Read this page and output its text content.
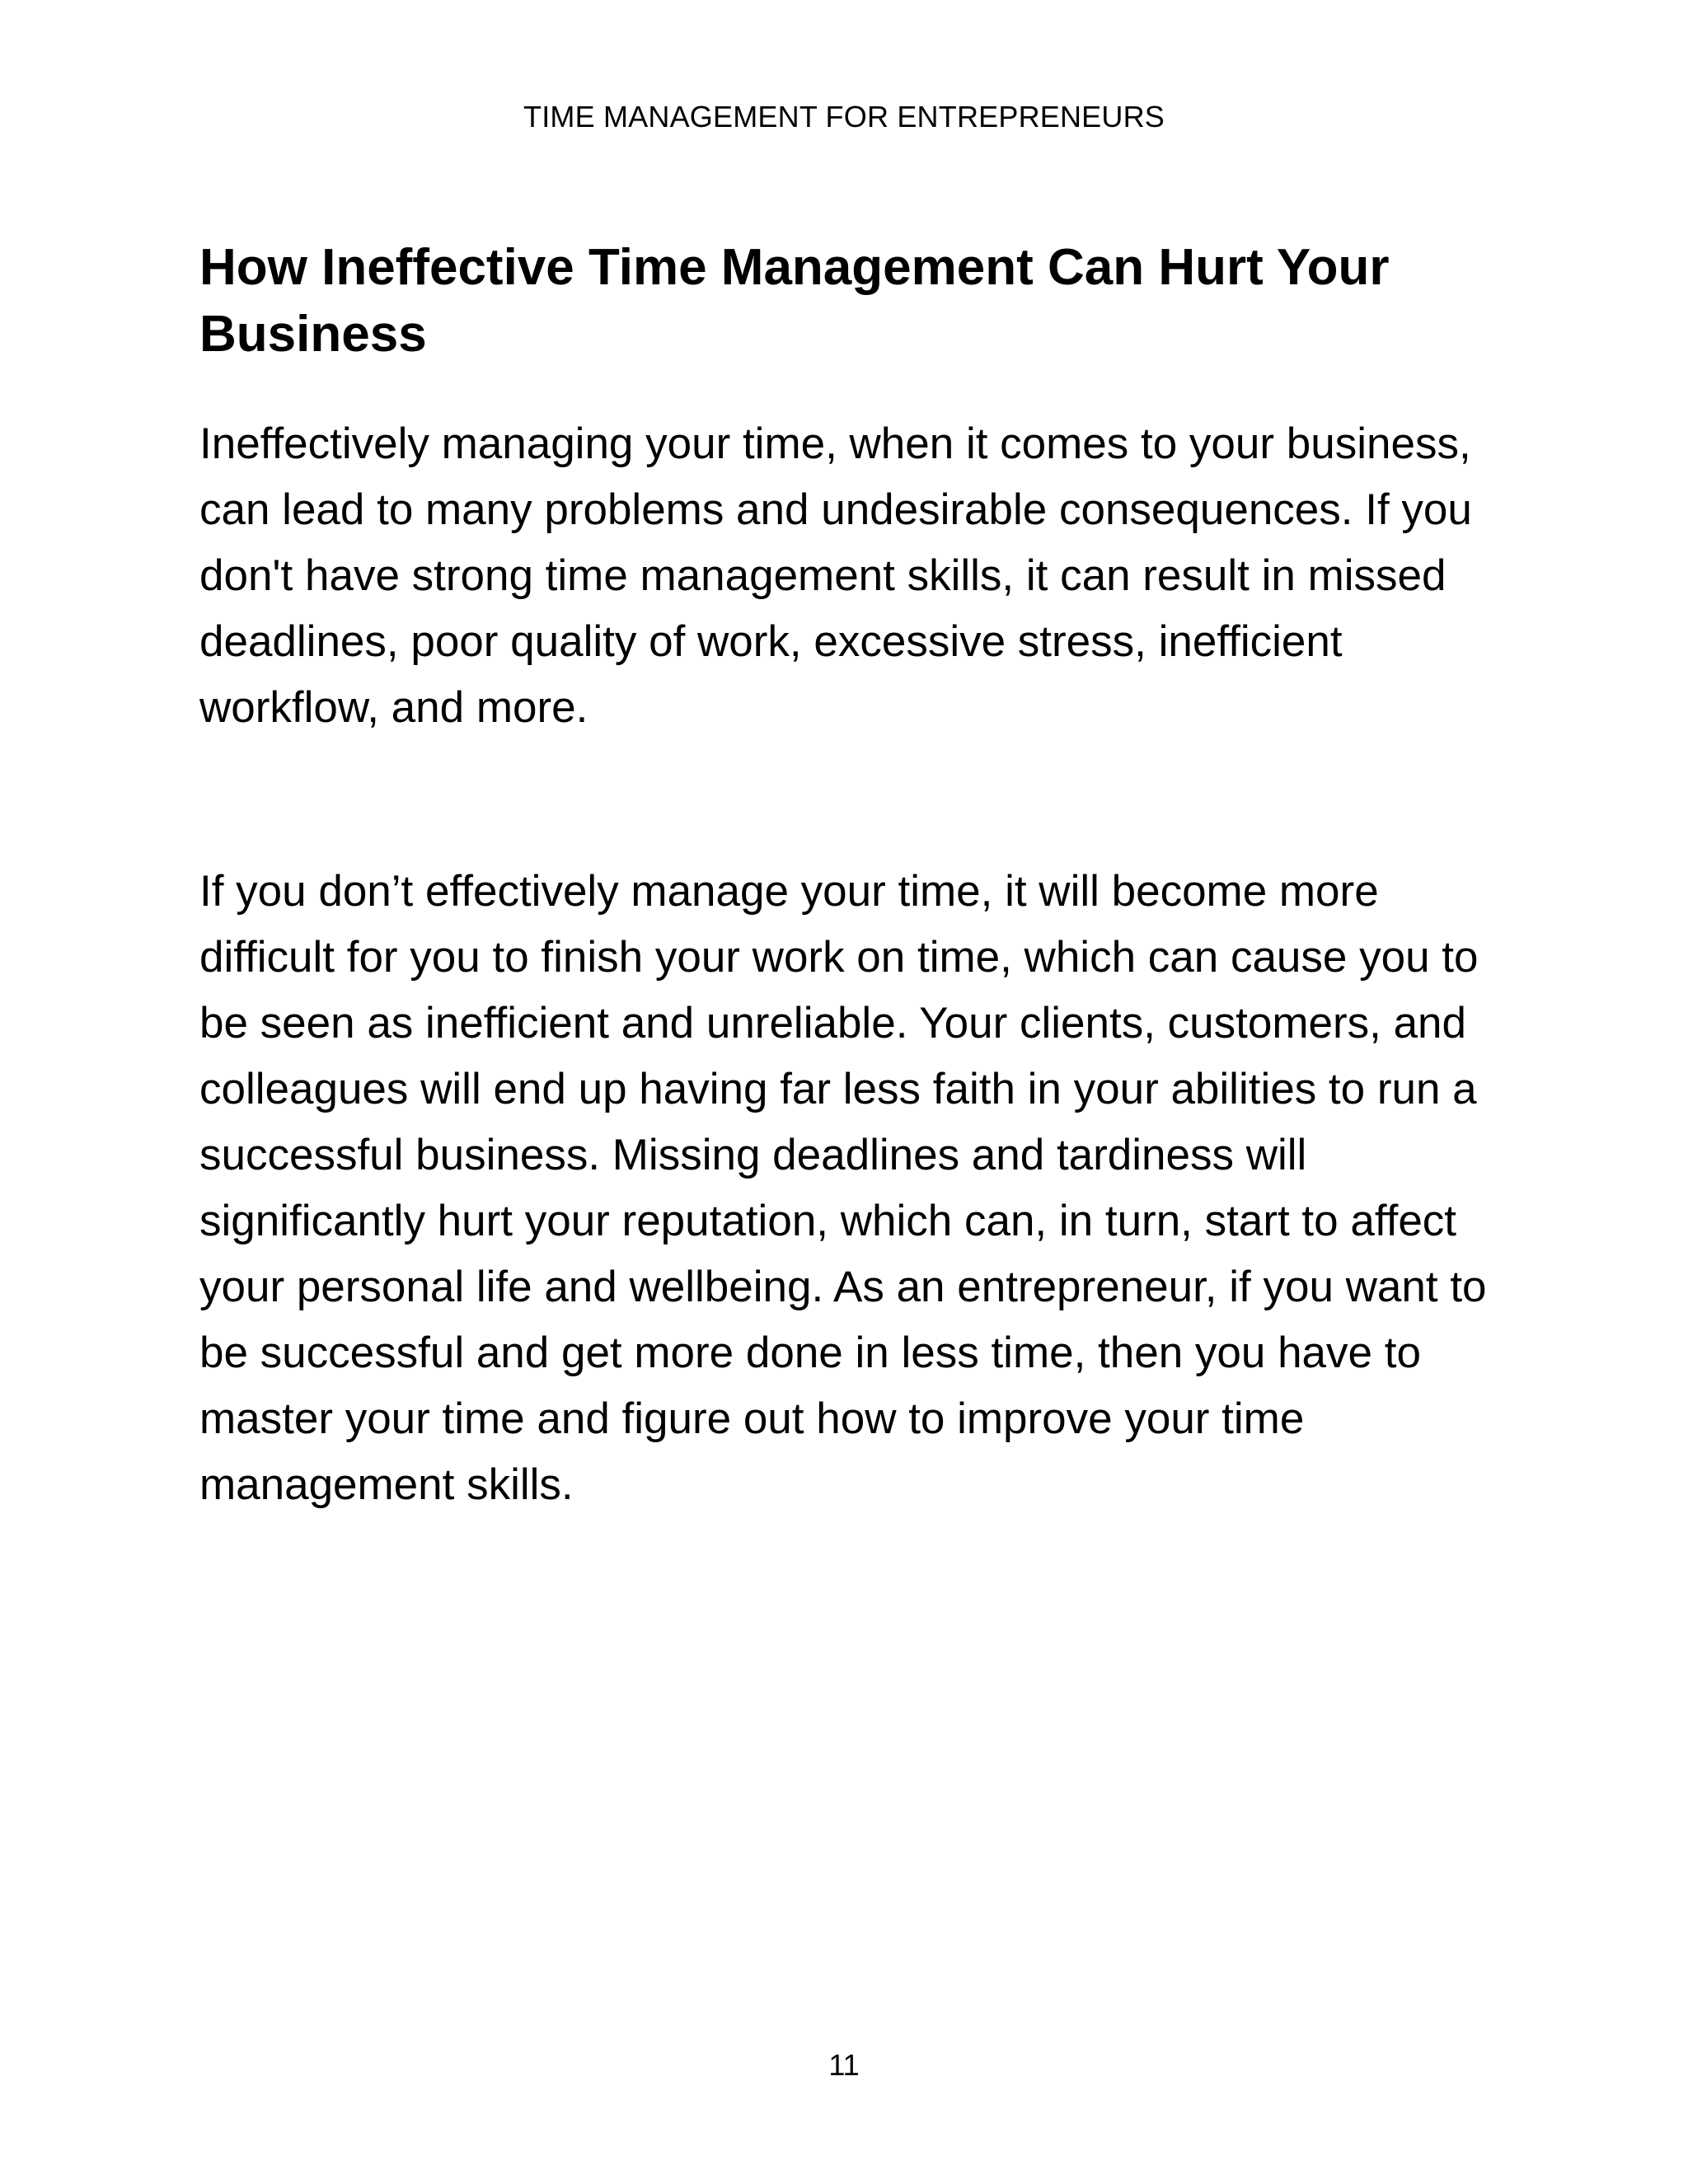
TIME MANAGEMENT FOR ENTREPRENEURS
How Ineffective Time Management Can Hurt Your Business

Ineffectively managing your time, when it comes to your business, can lead to many problems and undesirable consequences. If you don't have strong time management skills, it can result in missed deadlines, poor quality of work, excessive stress, inefficient workflow, and more.

If you don’t effectively manage your time, it will become more difficult for you to finish your work on time, which can cause you to be seen as inefficient and unreliable. Your clients, customers, and colleagues will end up having far less faith in your abilities to run a successful business. Missing deadlines and tardiness will significantly hurt your reputation, which can, in turn, start to affect your personal life and wellbeing. As an entrepreneur, if you want to be successful and get more done in less time, then you have to master your time and figure out how to improve your time management skills.

11
